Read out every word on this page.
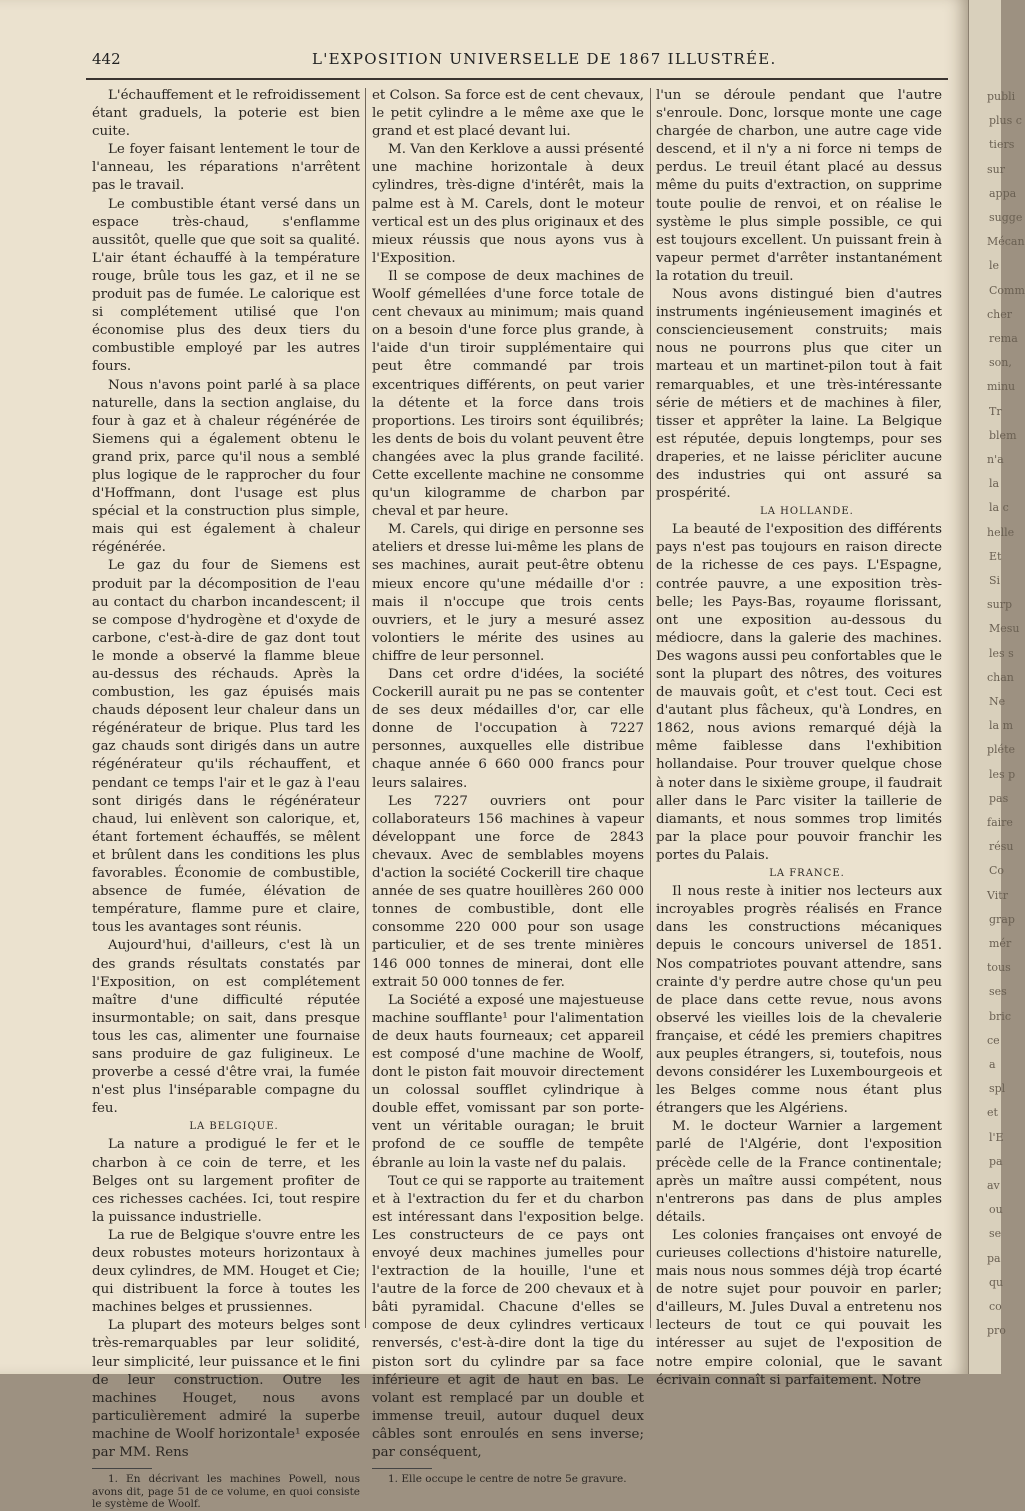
442	L'EXPOSITION UNIVERSELLE DE 1867 ILLUSTRÉE.

L'échauffement et le refroidissement étant graduels, la poterie est bien cuite.

Le foyer faisant lentement le tour de l'anneau, les réparations n'arrêtent pas le travail.

Le combustible étant versé dans un espace très-chaud, s'enflamme aussitôt, quelle que que soit sa qualité. L'air étant échauffé à la température rouge, brûle tous les gaz, et il ne se produit pas de fumée. Le calorique est si complétement utilisé que l'on économise plus des deux tiers du combustible employé par les autres fours.

Nous n'avons point parlé à sa place naturelle, dans la section anglaise, du four à gaz et à chaleur régénérée de Siemens qui a également obtenu le grand prix, parce qu'il nous a semblé plus logique de le rapprocher du four d'Hoffmann, dont l'usage est plus spécial et la construction plus simple, mais qui est également à chaleur régénérée.

Le gaz du four de Siemens est produit par la décomposition de l'eau au contact du charbon incandescent; il se compose d'hydrogène et d'oxyde de carbone, c'est-à-dire de gaz dont tout le monde a observé la flamme bleue au-dessus des réchauds. Après la combustion, les gaz épuisés mais chauds déposent leur chaleur dans un régénérateur de brique. Plus tard les gaz chauds sont dirigés dans un autre régénérateur qu'ils réchauffent, et pendant ce temps l'air et le gaz à l'eau sont dirigés dans le régénérateur chaud, lui enlèvent son calorique, et, étant fortement échauffés, se mêlent et brûlent dans les conditions les plus favorables. Économie de combustible, absence de fumée, élévation de température, flamme pure et claire, tous les avantages sont réunis.

Aujourd'hui, d'ailleurs, c'est là un des grands résultats constatés par l'Exposition, on est complétement maître d'une difficulté réputée insurmontable; on sait, dans presque tous les cas, alimenter une fournaise sans produire de gaz fuligineux. Le proverbe a cessé d'être vrai, la fumée n'est plus l'inséparable compagne du feu.

LA BELGIQUE.

La nature a prodigué le fer et le charbon à ce coin de terre, et les Belges ont su largement profiter de ces richesses cachées. Ici, tout respire la puissance industrielle.

La rue de Belgique s'ouvre entre les deux robustes moteurs horizontaux à deux cylindres, de MM. Houget et Cie; qui distribuent la force à toutes les machines belges et prussiennes.

La plupart des moteurs belges sont très-remarquables par leur solidité, leur simplicité, leur puissance et le fini de leur construction. Outre les machines Houget, nous avons particulièrement admiré la superbe machine de Woolf horizontale¹ exposée par MM. Rens

1. En décrivant les machines Powell, nous avons dit, page 51 de ce volume, en quoi consiste le système de Woolf.

et Colson. Sa force est de cent chevaux, le petit cylindre a le même axe que le grand et est placé devant lui.

M. Van den Kerklove a aussi présenté une machine horizontale à deux cylindres, très-digne d'intérêt, mais la palme est à M. Carels, dont le moteur vertical est un des plus originaux et des mieux réussis que nous ayons vus à l'Exposition.

Il se compose de deux machines de Woolf gémellées d'une force totale de cent chevaux au minimum; mais quand on a besoin d'une force plus grande, à l'aide d'un tiroir supplémentaire qui peut être commandé par trois excentriques différents, on peut varier la détente et la force dans trois proportions. Les tiroirs sont équilibrés; les dents de bois du volant peuvent être changées avec la plus grande facilité. Cette excellente machine ne consomme qu'un kilogramme de charbon par cheval et par heure.

M. Carels, qui dirige en personne ses ateliers et dresse lui-même les plans de ses machines, aurait peut-être obtenu mieux encore qu'une médaille d'or : mais il n'occupe que trois cents ouvriers, et le jury a mesuré assez volontiers le mérite des usines au chiffre de leur personnel.

Dans cet ordre d'idées, la société Cockerill aurait pu ne pas se contenter de ses deux médailles d'or, car elle donne de l'occupation à 7227 personnes, auxquelles elle distribue chaque année 6 660 000 francs pour leurs salaires.

Les 7227 ouvriers ont pour collaborateurs 156 machines à vapeur développant une force de 2843 chevaux. Avec de semblables moyens d'action la société Cockerill tire chaque année de ses quatre houillères 260 000 tonnes de combustible, dont elle consomme 220 000 pour son usage particulier, et de ses trente minières 146 000 tonnes de minerai, dont elle extrait 50 000 tonnes de fer.

La Société a exposé une majestueuse machine soufflante¹ pour l'alimentation de deux hauts fourneaux; cet appareil est composé d'une machine de Woolf, dont le piston fait mouvoir directement un colossal soufflet cylindrique à double effet, vomissant par son porte-vent un véritable ouragan; le bruit profond de ce souffle de tempête ébranle au loin la vaste nef du palais.

Tout ce qui se rapporte au traitement et à l'extraction du fer et du charbon est intéressant dans l'exposition belge. Les constructeurs de ce pays ont envoyé deux machines jumelles pour l'extraction de la houille, l'une et l'autre de la force de 200 chevaux et à bâti pyramidal. Chacune d'elles se compose de deux cylindres verticaux renversés, c'est-à-dire dont la tige du piston sort du cylindre par sa face inférieure et agit de haut en bas. Le volant est remplacé par un double et immense treuil, autour duquel deux câbles sont enroulés en sens inverse; par conséquent,

1. Elle occupe le centre de notre 5e gravure.

l'un se déroule pendant que l'autre s'enroule. Donc, lorsque monte une cage chargée de charbon, une autre cage vide descend, et il n'y a ni force ni temps de perdus. Le treuil étant placé au dessus même du puits d'extraction, on supprime toute poulie de renvoi, et on réalise le système le plus simple possible, ce qui est toujours excellent. Un puissant frein à vapeur permet d'arrêter instantanément la rotation du treuil.

Nous avons distingué bien d'autres instruments ingénieusement imaginés et consciencieusement construits; mais nous ne pourrons plus que citer un marteau et un martinet-pilon tout à fait remarquables, et une très-intéressante série de métiers et de machines à filer, tisser et apprêter la laine. La Belgique est réputée, depuis longtemps, pour ses draperies, et ne laisse péricliter aucune des industries qui ont assuré sa prospérité.

LA HOLLANDE.

La beauté de l'exposition des différents pays n'est pas toujours en raison directe de la richesse de ces pays. L'Espagne, contrée pauvre, a une exposition très-belle; les Pays-Bas, royaume florissant, ont une exposition au-dessous du médiocre, dans la galerie des machines. Des wagons aussi peu confortables que le sont la plupart des nôtres, des voitures de mauvais goût, et c'est tout. Ceci est d'autant plus fâcheux, qu'à Londres, en 1862, nous avions remarqué déjà la même faiblesse dans l'exhibition hollandaise. Pour trouver quelque chose à noter dans le sixième groupe, il faudrait aller dans le Parc visiter la taillerie de diamants, et nous sommes trop limités par la place pour pouvoir franchir les portes du Palais.

LA FRANCE.

Il nous reste à initier nos lecteurs aux incroyables progrès réalisés en France dans les constructions mécaniques depuis le concours universel de 1851. Nos compatriotes pouvant attendre, sans crainte d'y perdre autre chose qu'un peu de place dans cette revue, nous avons observé les vieilles lois de la chevalerie française, et cédé les premiers chapitres aux peuples étrangers, si, toutefois, nous devons considérer les Luxembourgeois et les Belges comme nous étant plus étrangers que les Algériens.

M. le docteur Warnier a largement parlé de l'Algérie, dont l'exposition précède celle de la France continentale; après un maître aussi compétent, nous n'entrerons pas dans de plus amples détails.

Les colonies françaises ont envoyé de curieuses collections d'histoire naturelle, mais nous nous sommes déjà trop écarté de notre sujet pour pouvoir en parler; d'ailleurs, M. Jules Duval a entretenu nos lecteurs de tout ce qui pouvait les intéresser au sujet de l'exposition de notre empire colonial, que le savant écrivain connaît si parfaitement. Notre

publi
plus c
tiers
sur
appa
sugge
Mécan
le
Comm
cher
rema
son,
minu
Tr
blem
n'a
la
la c
helle
Et
Si
surp
Mesu
les s
chan
Ne
la m
pléte
les p
pas
faire
résu
Co
Vitr
grap
mér
tous
ses
bric
ce
a
spl
et
l'E
pa
av
ou
se
pa
qu
co
pro
